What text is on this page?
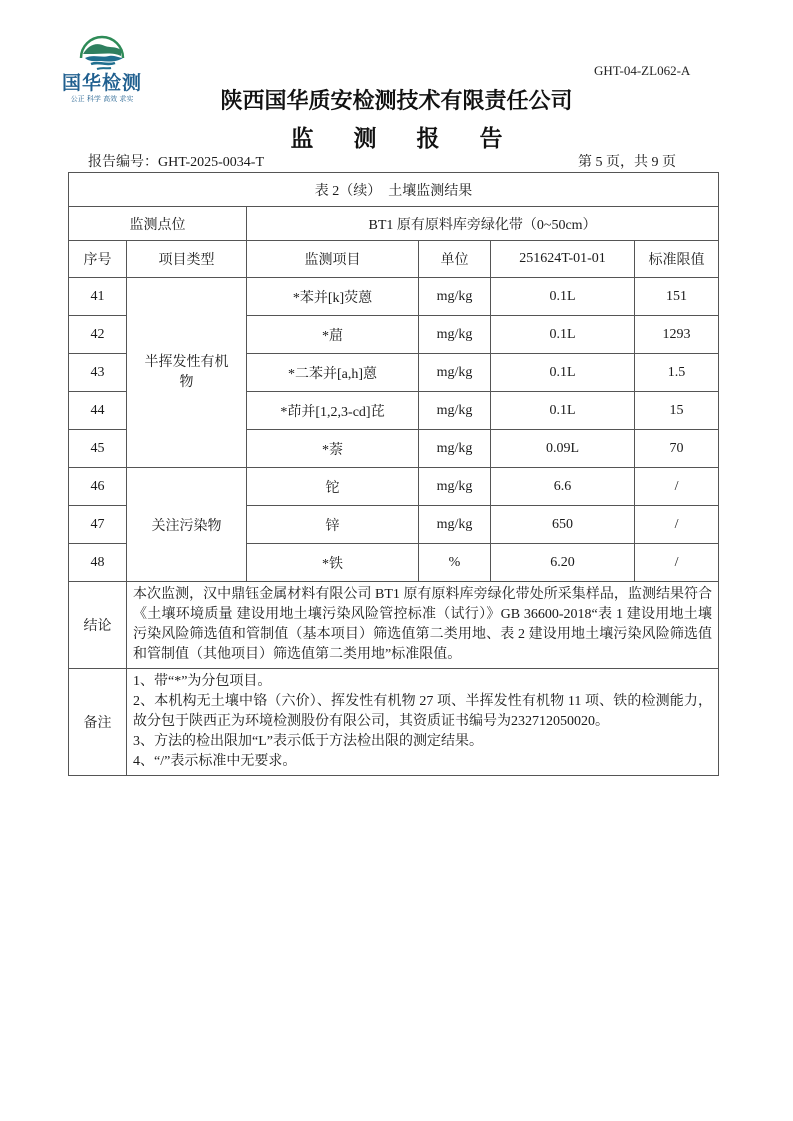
国华检测
公正 科学 高效 求实
GHT-04-ZL062-A
陕西国华质安检测技术有限责任公司
监 测 报 告
报告编号：GHT-2025-0034-T	第 5 页，共 9 页
表 2（续）　土壤监测结果					
监测点位		BT1 原有原料库旁绿化带（0~50cm）			
序号	项目类型	监测项目	单位	251624T-01-01	标准限值
41	半挥发性有机物	*苯并[k]荧蒽	mg/kg	0.1L	151
42		*䓛	mg/kg	0.1L	1293
43		*二苯并[a,h]蒽	mg/kg	0.1L	1.5
44		*茚并[1,2,3-cd]芘	mg/kg	0.1L	15
45		*萘	mg/kg	0.09L	70
46	关注污染物	铊	mg/kg	6.6	/
47		锌	mg/kg	650	/
48		*铁	%	6.20	/
结论	本次监测，汉中鼎钰金属材料有限公司 BT1 原有原料库旁绿化带处所采集样品，监测结果符合《土壤环境质量 建设用地土壤污染风险管控标准（试行）》GB 36600-2018“表 1 建设用地土壤污染风险筛选值和管制值（基本项目）筛选值第二类用地、表 2 建设用地土壤污染风险筛选值和管制值（其他项目）筛选值第二类用地”标准限值。				

备注	1、带“*”为分包项目。
2、本机构无土壤中铬（六价）、挥发性有机物 27 项、半挥发性有机物 11 项、铁的检测能力，故分包于陕西正为环境检测股份有限公司，其资质证书编号为232712050020。
3、方法的检出限加“L”表示低于方法检出限的测定结果。
4、“/”表示标准中无要求。				
